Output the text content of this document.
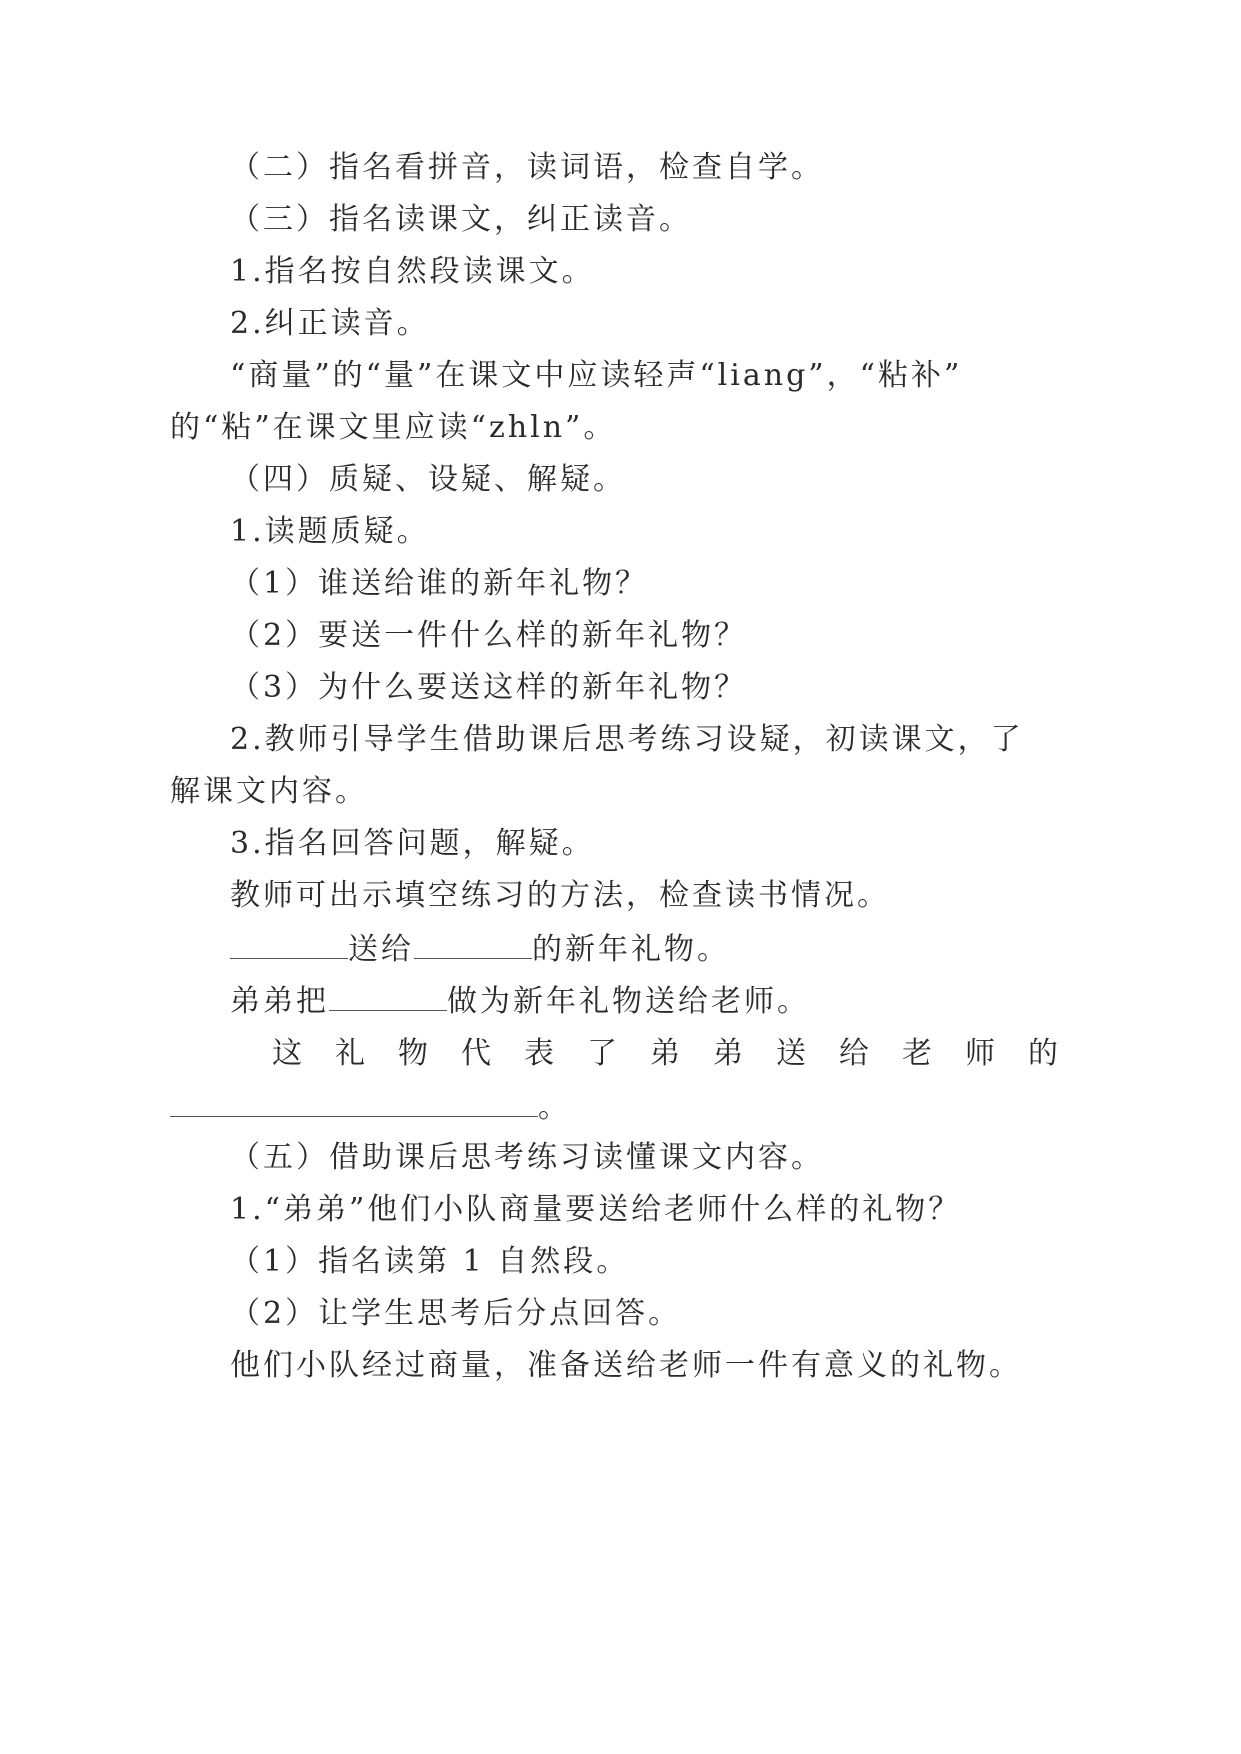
（二）指名看拼音，读词语，检查自学。
（三）指名读课文，纠正读音。
1.指名按自然段读课文。
2.纠正读音。
“商量”的“量”在课文中应读轻声“liang”，“粘补”
的“粘”在课文里应读“zhln”。
（四）质疑、设疑、解疑。
1.读题质疑。
（1）谁送给谁的新年礼物？
（2）要送一件什么样的新年礼物？
（3）为什么要送这样的新年礼物？
2.教师引导学生借助课后思考练习设疑，初读课文，了
解课文内容。
3.指名回答问题，解疑。
教师可出示填空练习的方法，检查读书情况。
送给	的新年礼物。
弟弟把	做为新年礼物送给老师。
这礼物代表了弟弟送给老师的
。
（五）借助课后思考练习读懂课文内容。
1.“弟弟”他们小队商量要送给老师什么样的礼物？
（1）指名读第 1 自然段。
（2）让学生思考后分点回答。
他们小队经过商量，准备送给老师一件有意义的礼物。
